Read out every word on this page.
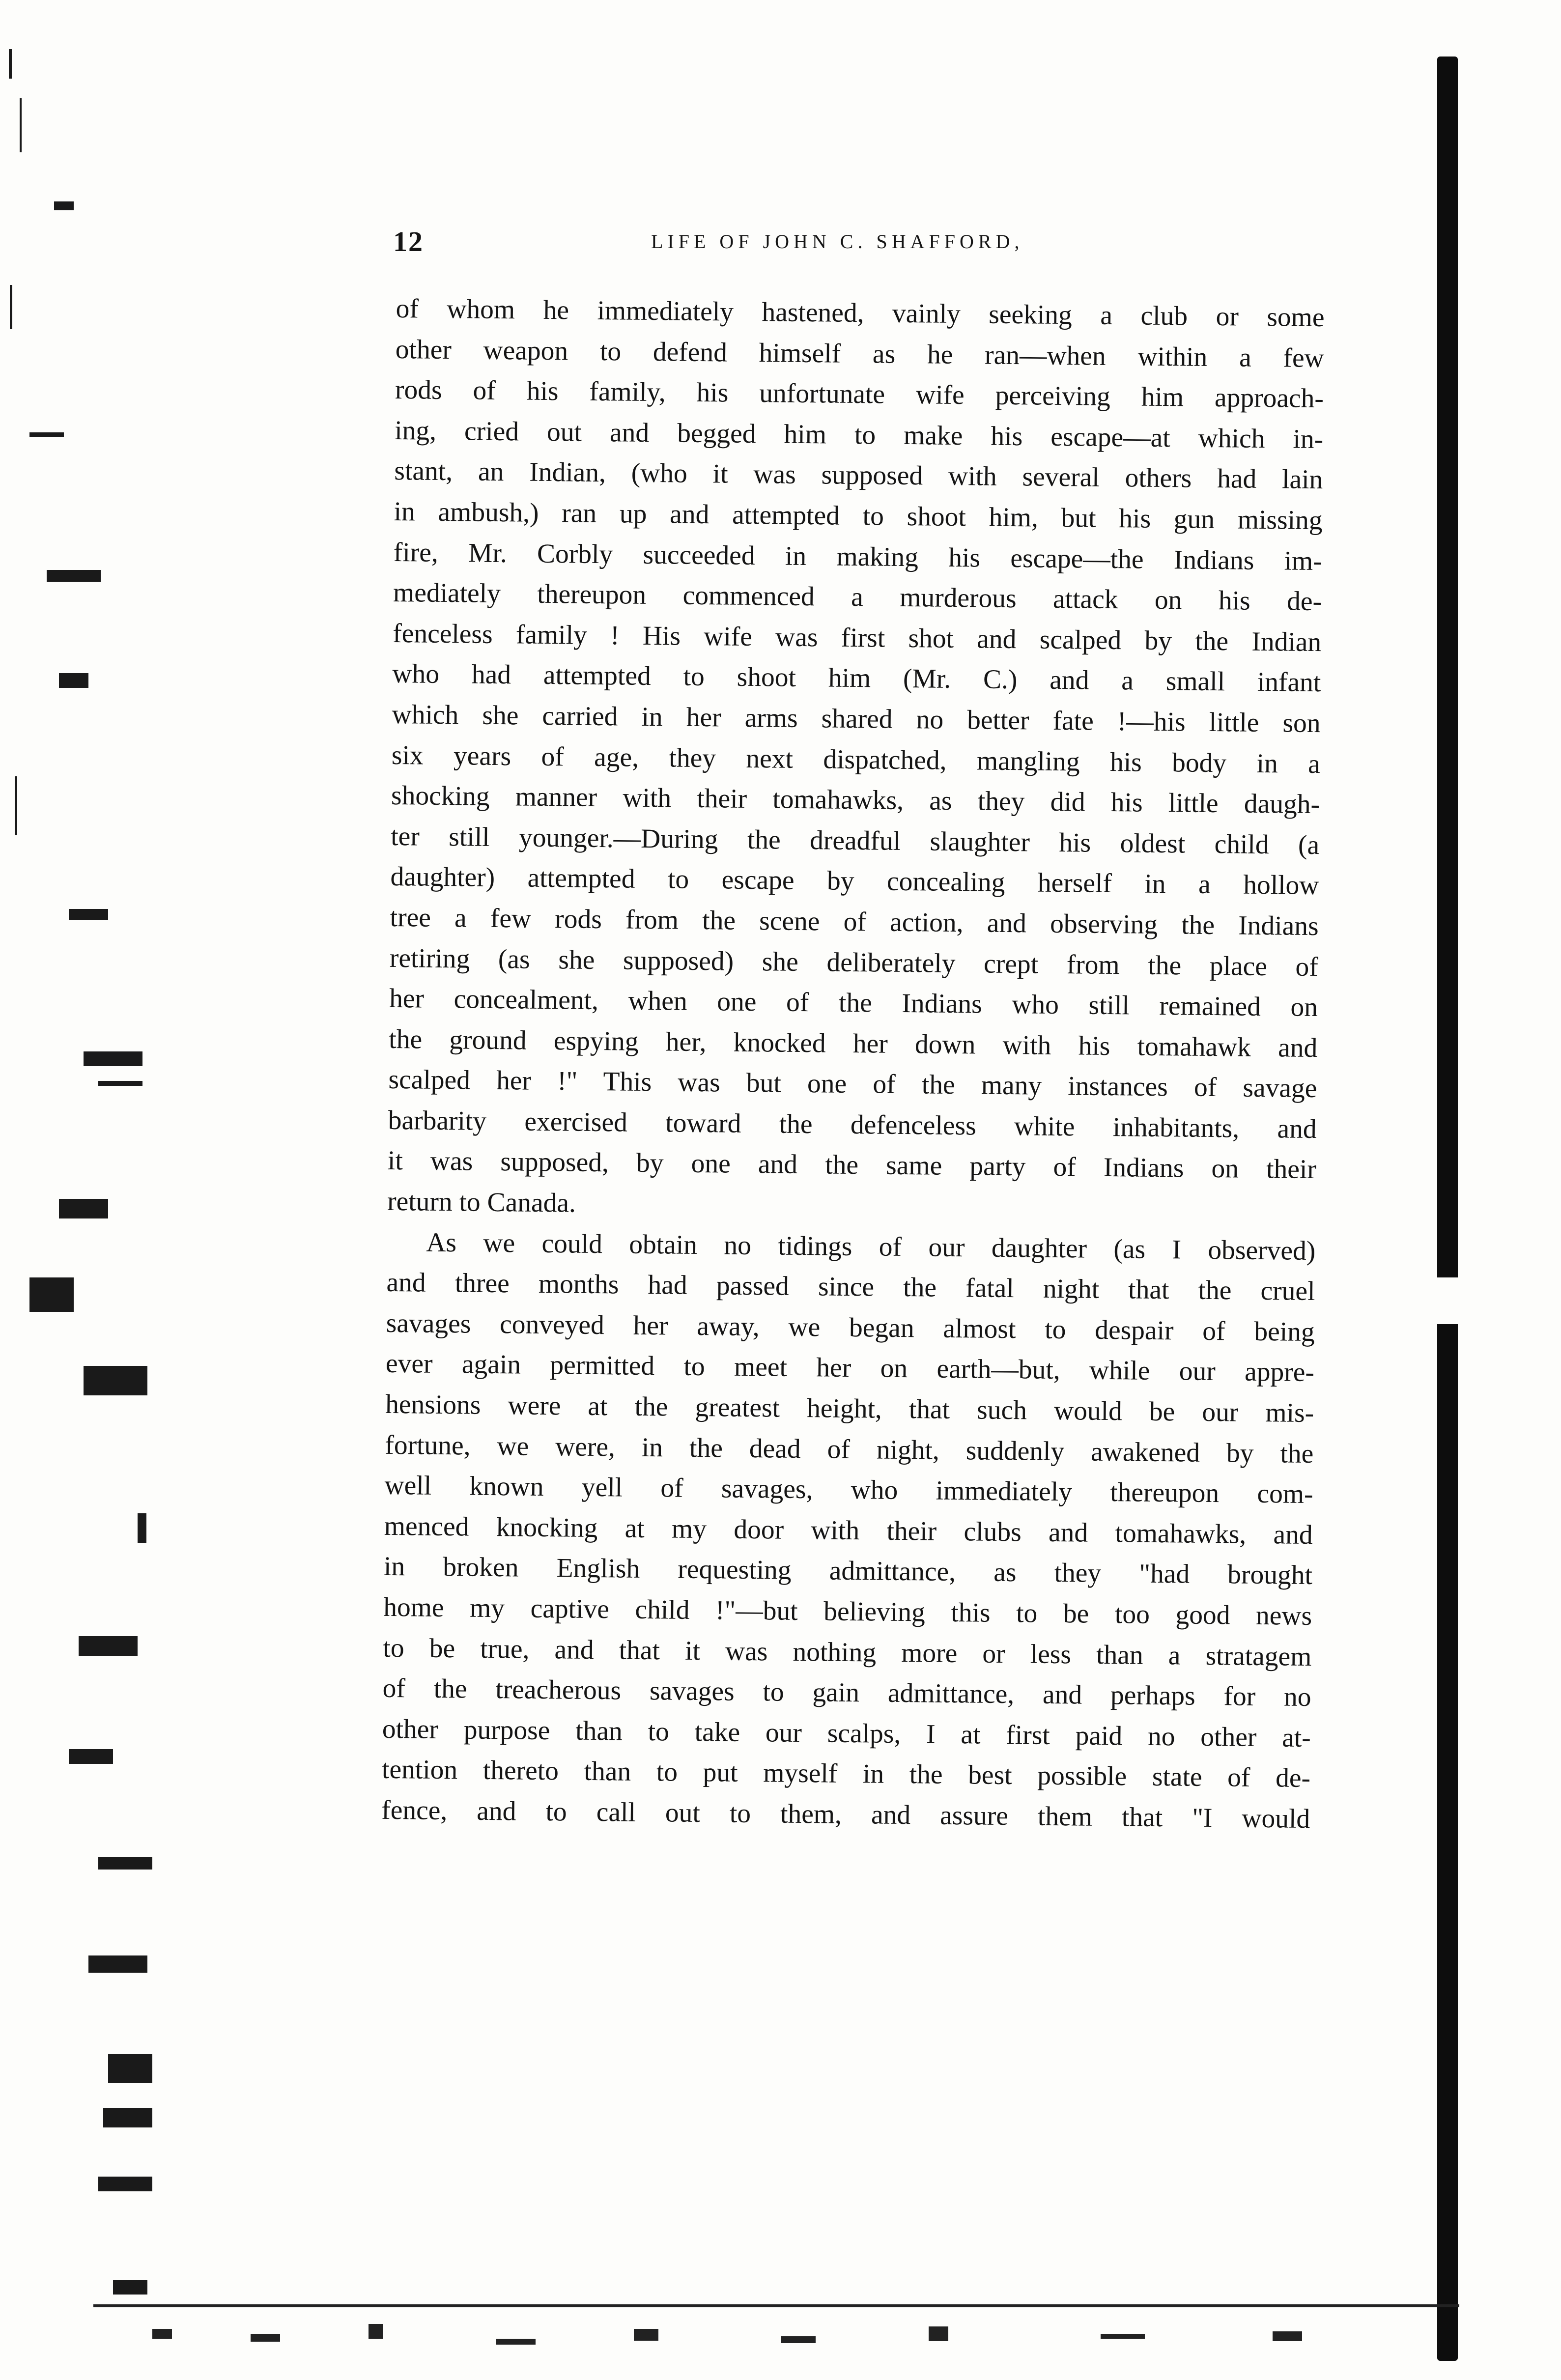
12	LIFE OF JOHN C. SHAFFORD,

of whom he immediately hastened, vainly seeking a club or some

other weapon to defend himself as he ran—when within a few

rods of his family, his unfortunate wife perceiving him approach-

ing, cried out and begged him to make his escape—at which in-

stant, an Indian, (who it was supposed with several others had lain

in ambush,) ran up and attempted to shoot him, but his gun missing

fire, Mr. Corbly succeeded in making his escape—the Indians im-

mediately thereupon commenced a murderous attack on his de-

fenceless family ! His wife was first shot and scalped by the Indian

who had attempted to shoot him (Mr. C.) and a small infant

which she carried in her arms shared no better fate !—his little son

six years of age, they next dispatched, mangling his body in a

shocking manner with their tomahawks, as they did his little daugh-

ter still younger.—During the dreadful slaughter his oldest child (a

daughter) attempted to escape by concealing herself in a hollow

tree a few rods from the scene of action, and observing the Indians

retiring (as she supposed) she deliberately crept from the place of

her concealment, when one of the Indians who still remained on

the ground espying her, knocked her down with his tomahawk and

scalped her !" This was but one of the many instances of savage

barbarity exercised toward the defenceless white inhabitants, and

it was supposed, by one and the same party of Indians on their

return to Canada.

As we could obtain no tidings of our daughter (as I observed)

and three months had passed since the fatal night that the cruel

savages conveyed her away, we began almost to despair of being

ever again permitted to meet her on earth—but, while our appre-

hensions were at the greatest height, that such would be our mis-

fortune, we were, in the dead of night, suddenly awakened by the

well known yell of savages, who immediately thereupon com-

menced knocking at my door with their clubs and tomahawks, and

in broken English requesting admittance, as they "had brought

home my captive child !"—but believing this to be too good news

to be true, and that it was nothing more or less than a stratagem

of the treacherous savages to gain admittance, and perhaps for no

other purpose than to take our scalps, I at first paid no other at-

tention thereto than to put myself in the best possible state of de-

fence, and to call out to them, and assure them that "I would
